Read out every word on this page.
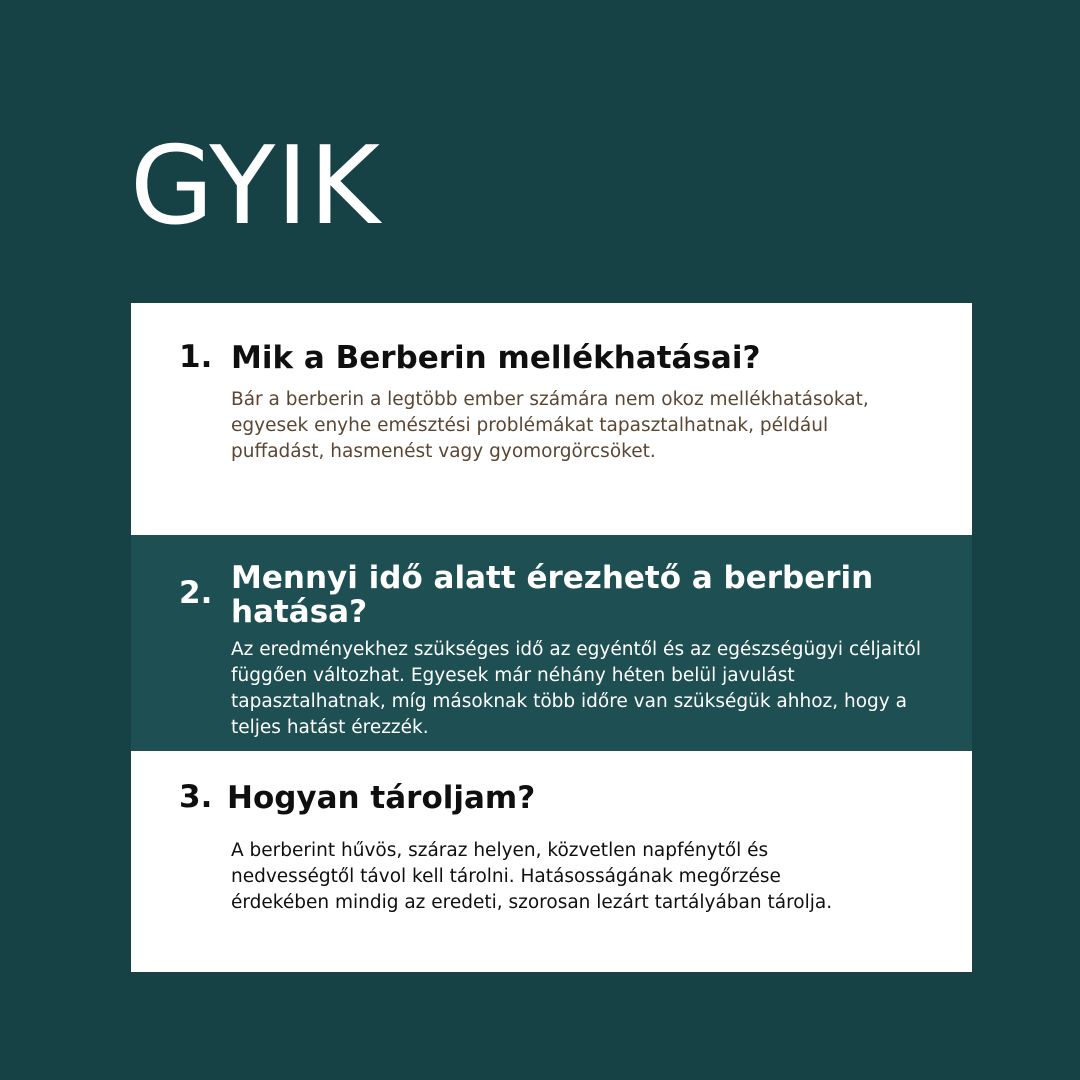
GYIK

1. Mik a Berberin mellékhatásai?

Bár a berberin a legtöbb ember számára nem okoz mellékhatásokat, egyesek enyhe emésztési problémákat tapasztalhatnak, például puffadást, hasmenést vagy gyomorgörcsöket.

2. Mennyi idő alatt érezhető a berberin hatása?

Az eredményekhez szükséges idő az egyéntől és az egészségügyi céljaitól függően változhat. Egyesek már néhány héten belül javulást tapasztalhatnak, míg másoknak több időre van szükségük ahhoz, hogy a teljes hatást érezzék.

3. Hogyan tároljam?

A berberint hűvös, száraz helyen, közvetlen napfénytől és nedvességtől távol kell tárolni. Hatásosságának megőrzése érdekében mindig az eredeti, szorosan lezárt tartályában tárolja.
